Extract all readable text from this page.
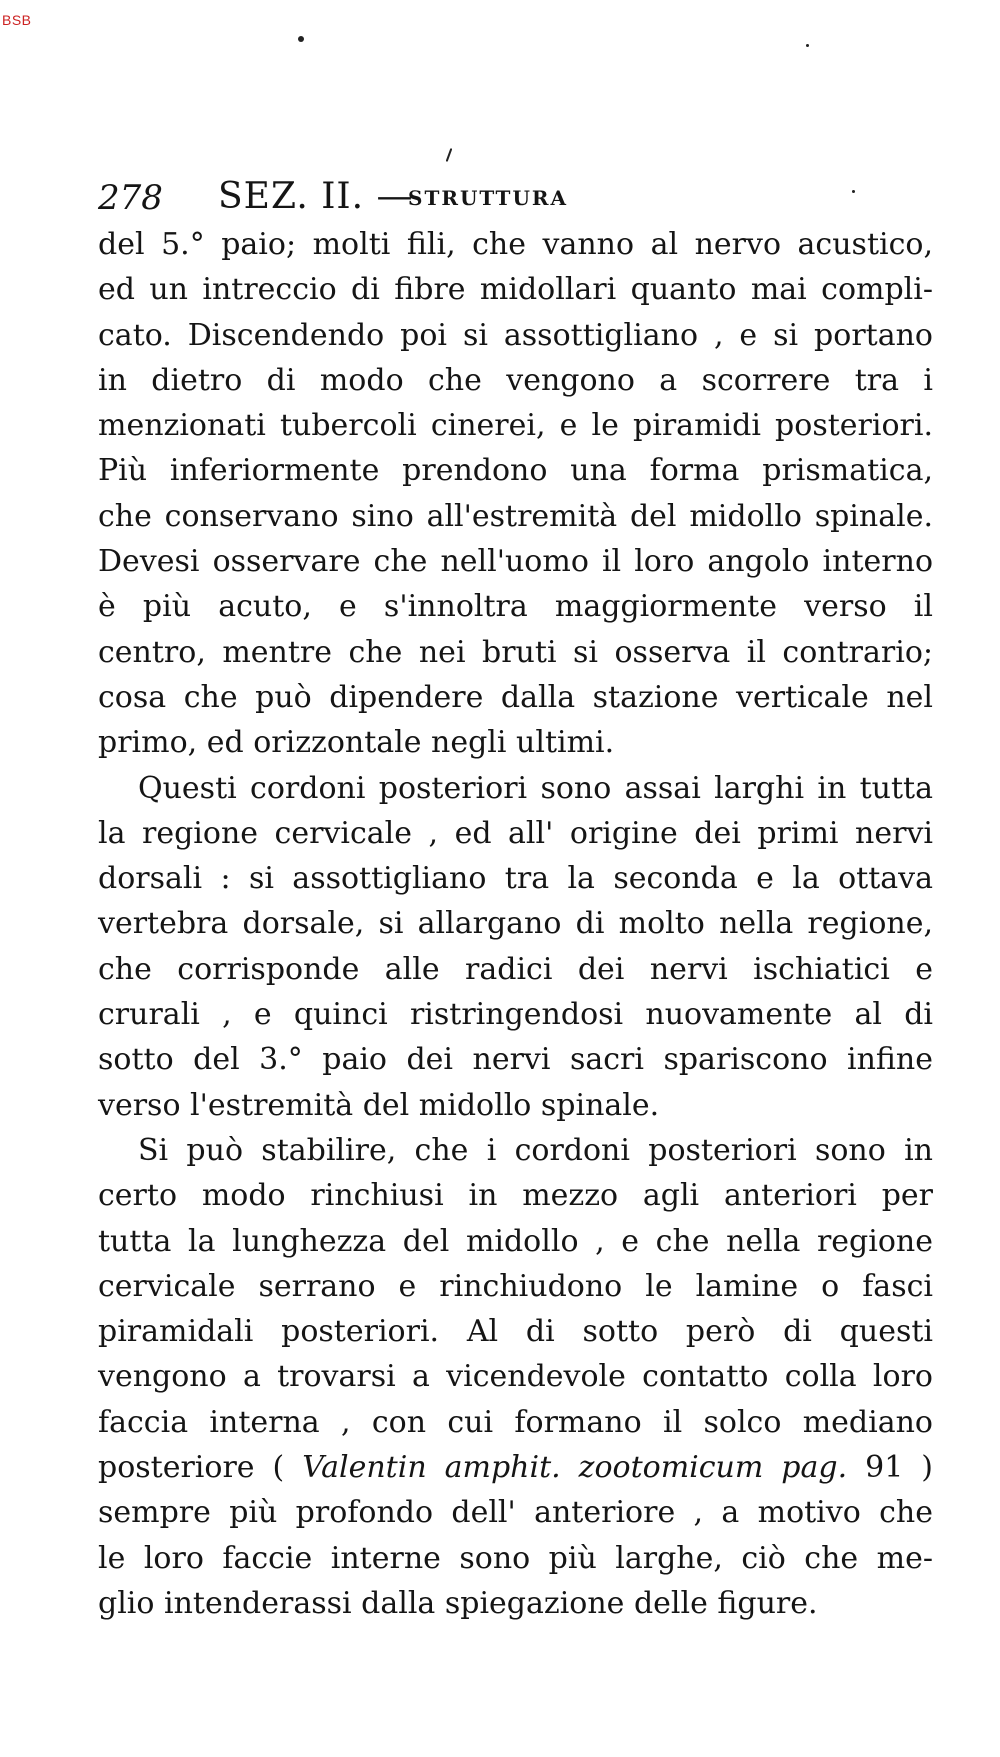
BSB
278 SEZ. II. —
STRUTTURA
del 5.° paio; molti fili, che vanno al nervo acustico,
ed un intreccio di fibre midollari quanto mai compli-
cato. Discendendo poi si assottigliano , e si portano
in dietro di modo che vengono a scorrere tra i
menzionati tubercoli cinerei, e le piramidi posteriori.
Più inferiormente prendono una forma prismatica,
che conservano sino all'estremità del midollo spinale.
Devesi osservare che nell'uomo il loro angolo interno
è più acuto, e s'innoltra maggiormente verso il
centro, mentre che nei bruti si osserva il contrario;
cosa che può dipendere dalla stazione verticale nel
primo, ed orizzontale negli ultimi.
Questi cordoni posteriori sono assai larghi in tutta
la regione cervicale , ed all' origine dei primi nervi
dorsali : si assottigliano tra la seconda e la ottava
vertebra dorsale, si allargano di molto nella regione,
che corrisponde alle radici dei nervi ischiatici e
crurali , e quinci ristringendosi nuovamente al di
sotto del 3.° paio dei nervi sacri spariscono infine
verso l'estremità del midollo spinale.
Si può stabilire, che i cordoni posteriori sono in
certo modo rinchiusi in mezzo agli anteriori per
tutta la lunghezza del midollo , e che nella regione
cervicale serrano e rinchiudono le lamine o fasci
piramidali posteriori. Al di sotto però di questi
vengono a trovarsi a vicendevole contatto colla loro
faccia interna , con cui formano il solco mediano
posteriore ( Valentin amphit. zootomicum pag. 91 )
sempre più profondo dell' anteriore , a motivo che
le loro faccie interne sono più larghe, ciò che me-
glio intenderassi dalla spiegazione delle figure.
